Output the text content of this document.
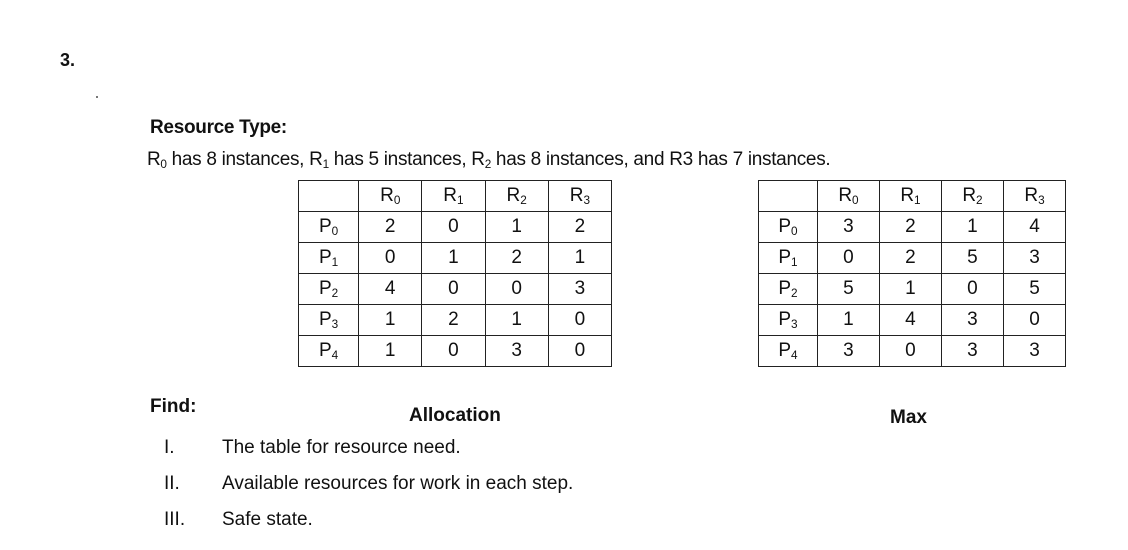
3.
Resource Type:
$R_0$ has 8 instances, $R_1$ has 5 instances, $R_2$ has 8 instances, and R3 has 7 instances.
	$R_0$	$R_1$	$R_2$	$R_3$
$P_0$	2	0	1	2
$P_1$	0	1	2	1
$P_2$	4	0	0	3
$P_3$	1	2	1	0
$P_4$	1	0	3	0
	$R_0$	$R_1$	$R_2$	$R_3$
$P_0$	3	2	1	4
$P_1$	0	2	5	3
$P_2$	5	1	0	5
$P_3$	1	4	3	0
$P_4$	3	0	3	3
Allocation	Max
Find:
I.	The table for resource need.
II.	Available resources for work in each step.
III.	Safe state.
